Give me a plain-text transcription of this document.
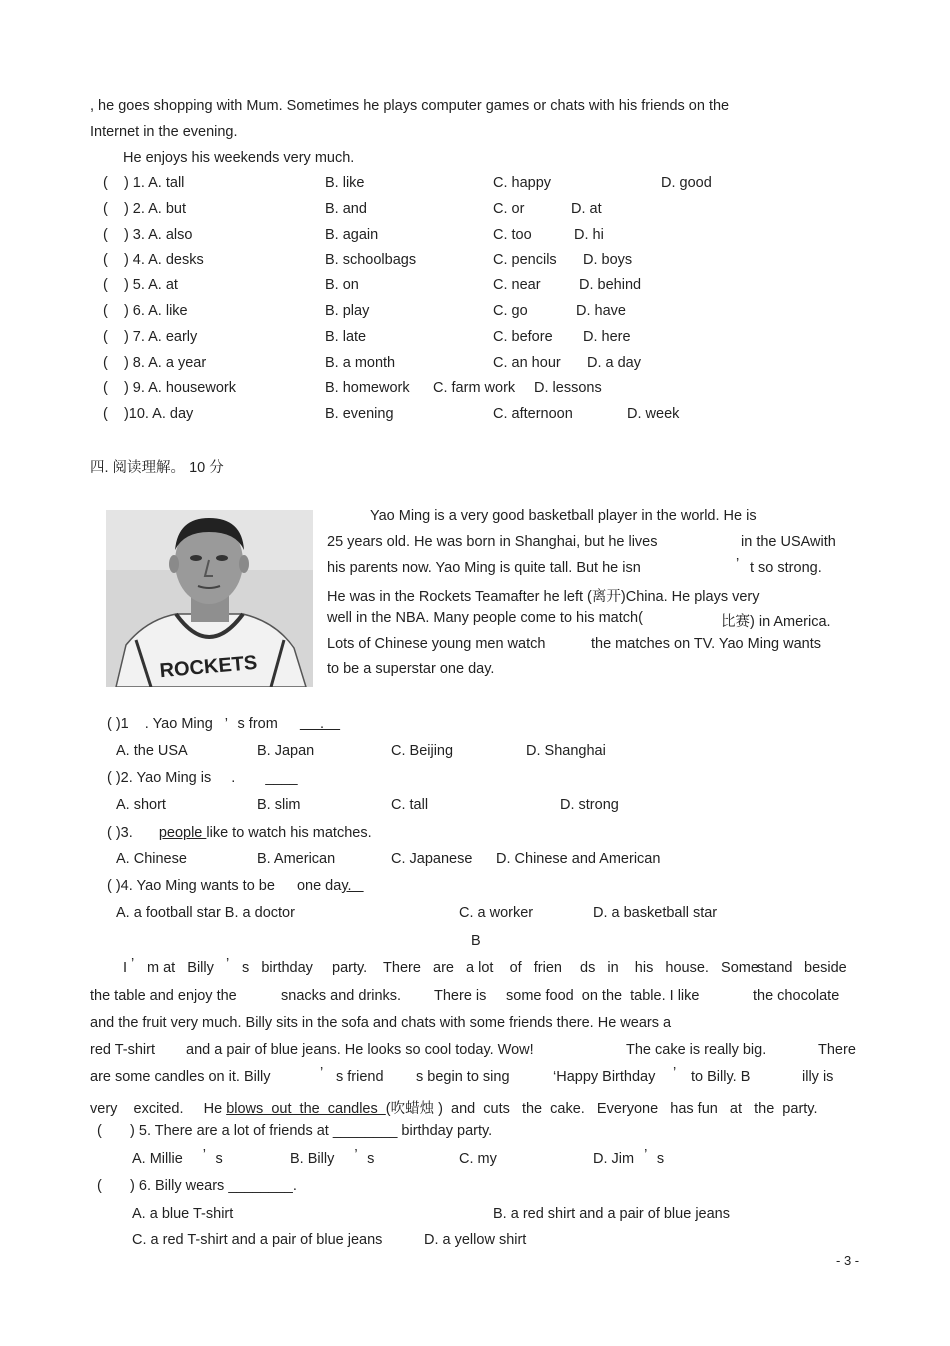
, he goes shopping with Mum. Sometimes he plays computer games or chats with his friends on the
Internet in the evening.
He enjoys his weekends very much.
(    ) 1. A. tall	B. like	C. happy	D. good
(    ) 2. A. but	B. and	C. or	D. at
(    ) 3. A. also	B. again	C. too	D. hi
(    ) 4. A. desks	B. schoolbags	C. pencils D. boys
(    ) 5. A. at	B. on	C. near	D. behind
(    ) 6. A. like	B. play	C. go	D. have
(    ) 7. A. early	B. late	C. before D. here
(    ) 8. A. a year	B. a month	C. an hour D. a day
(    ) 9. A. housework	B. homework C. farm work D. lessons
(    )10. A. day	B. evening	C. afternoon	D. week
四. 阅读理解。 10 分
ROCKETS
Yao Ming is a very good basketball player in the world. He is
25 years old. He was born in Shanghai, but he lives	in the USAwith
his parents now. Yao Ming is quite tall. But he isn	’ t so strong.
He was in the Rockets Teamafter he left (离开)China. He plays very
well in the NBA. Many people come to his match(	比赛) in America.
Lots of Chinese young men watch	the matches on TV. Yao Ming wants
to be a superstar one day.
( )1 . Yao Ming ’ s from      .
A. the USA	B. Japan	C. Beijing	D. Shanghai
( )2. Yao Ming is . ____
A. short	B. slim	C. tall	D. strong
( )3. people like to watch his matches.
A. Chinese	B. American	C. Japanese D. Chinese and American
( )4. Yao Ming wants to be one day.
A. a football star B. a doctor	C. a worker	D. a basketball star
B
I ’ m at   Billy ’ s   birthday party.    There   are   a lot    of   frien ds   in    his   house.   Some
stand beside
the table and enjoy the	snacks and drinks. There is some food  on the  table. I like	the chocolate
and the fruit very much. Billy sits in the sofa and chats with some friends there. He wears a
red T-shirt and a pair of blue jeans. He looks so cool today. Wow!	The cake is really big.	There
are some candles on it. Billy	’ s friend s begin to sing	‘Happy Birthday ’ to Billy. B	illy is
very    excited.     He blows  out  the  candles  (吹蜡烛 )  and  cuts   the  cake.   Everyone   has fun   at   the  party.
(       ) 5. There are a lot of friends at ________ birthday party.
A. Millie ’ s	B. Billy ’ s	C. my	D. Jim ’ s
(       ) 6. Billy wears ________.
A. a blue T-shirt	B. a red shirt and a pair of blue jeans
C. a red T-shirt and a pair of blue jeans	D. a yellow shirt
- 3 -
